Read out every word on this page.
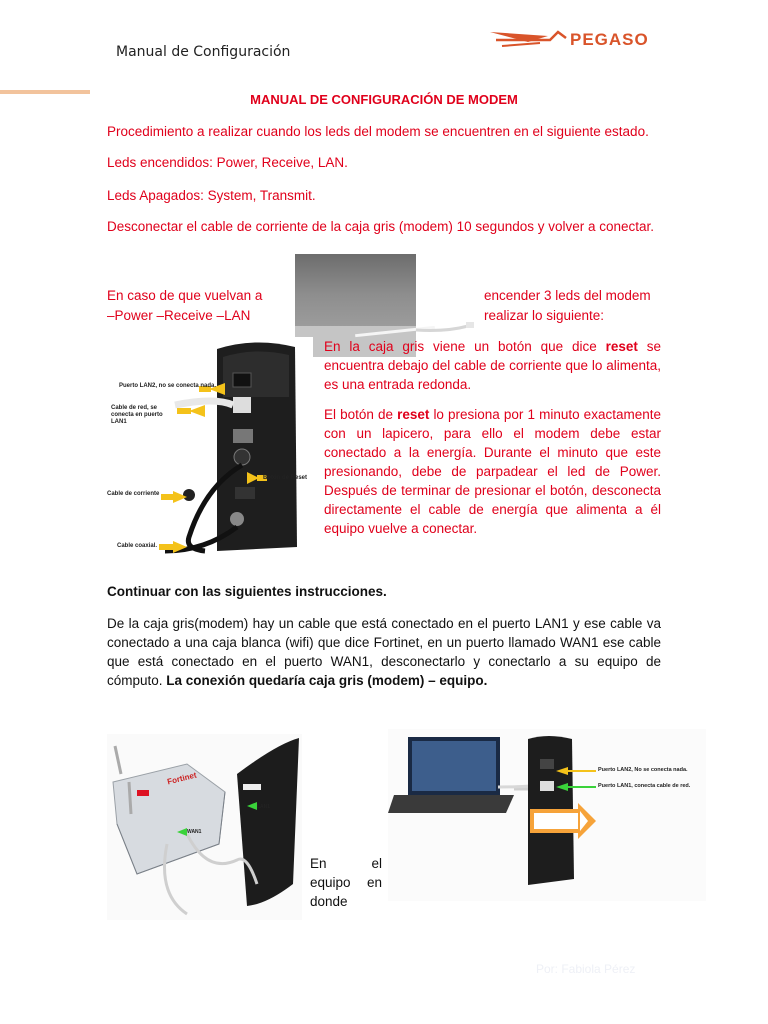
Manual de Configuración
PEGASO
MANUAL DE CONFIGURACIÓN DE MODEM
Procedimiento a realizar cuando los leds del modem se encuentren en el siguiente estado.
Leds encendidos: Power, Receive, LAN.
Leds Apagados: System, Transmit.
Desconectar el cable de corriente de la caja gris (modem) 10 segundos y volver a conectar.
En caso de que vuelvan a
–Power –Receive –LAN
encender 3 leds del modem
realizar lo siguiente:
En la caja gris viene un botón que dice reset se encuentra debajo del cable de corriente que lo alimenta, es una entrada redonda.
El botón de reset lo presiona por 1 minuto exactamente con un lapicero, para ello el modem debe estar conectado a la energía. Durante el minuto que este presionando, debe de parpadear el led de Power. Después de terminar de presionar el botón, desconecta directamente el cable de energía que alimenta a él equipo vuelve a conectar.
Puerto LAN2, no se conecta nada.
Cable de red, se conecta en puerto LAN1
Botón de Reset
Cable de corriente
Cable coaxial.
Continuar con las siguientes instrucciones.
De la caja gris(modem) hay un cable que está conectado en el puerto LAN1 y ese cable va conectado a una caja blanca (wifi) que dice Fortinet, en un puerto llamado WAN1 ese cable que está conectado en el puerto WAN1, desconectarlo y conectarlo a su equipo de cómputo. La conexión quedaría caja gris (modem) – equipo.
WAN1
LAN1
Fortinet
En el equipo en donde
Puerto LAN2, No se conecta nada.
Puerto LAN1, conecta cable de red.
Por: Fabiola Pérez
